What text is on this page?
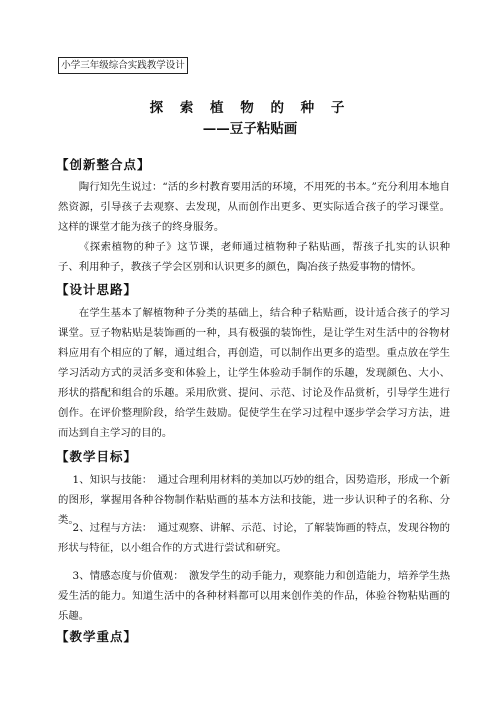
小学三年级综合实践教学设计
探 索 植 物 的 种 子
——豆子粘贴画
【创新整合点】

陶行知先生说过：“活的乡村教育要用活的环境，不用死的书本。”充分利用本地自然资源，引导孩子去观察、去发现，从而创作出更多、更实际适合孩子的学习课堂。这样的课堂才能为孩子的终身服务。

《探索植物的种子》这节课，老师通过植物种子粘贴画，帮孩子扎实的认识种子、利用种子，教孩子学会区别和认识更多的颜色，陶冶孩子热爱事物的情怀。

【设计思路】

在学生基本了解植物种子分类的基础上，结合种子粘贴画，设计适合孩子的学习课堂。豆子物粘贴是装饰画的一种，具有极强的装饰性，是让学生对生活中的谷物材料应用有个相应的了解，通过组合，再创造，可以制作出更多的造型。重点放在学生学习活动方式的灵活多变和体验上，让学生体验动手制作的乐趣，发现颜色、大小、形状的搭配和组合的乐趣。采用欣赏、提问、示范、讨论及作品赏析，引导学生进行创作。在评价整理阶段，给学生鼓励。促使学生在学习过程中逐步学会学习方法，进而达到自主学习的目的。

【教学目标】

1、知识与技能：　通过合理利用材料的美加以巧妙的组合，因势造形，形成一个新的图形，掌握用各种谷物制作粘贴画的基本方法和技能，进一步认识种子的名称、分类。

2、过程与方法：　通过观察、讲解、示范、讨论，了解装饰画的特点，发现谷物的形状与特征，以小组合作的方式进行尝试和研究。

3、情感态度与价值观：　激发学生的动手能力，观察能力和创造能力，培养学生热爱生活的能力。知道生活中的各种材料都可以用来创作美的作品，体验谷物粘贴画的乐趣。

【教学重点】
